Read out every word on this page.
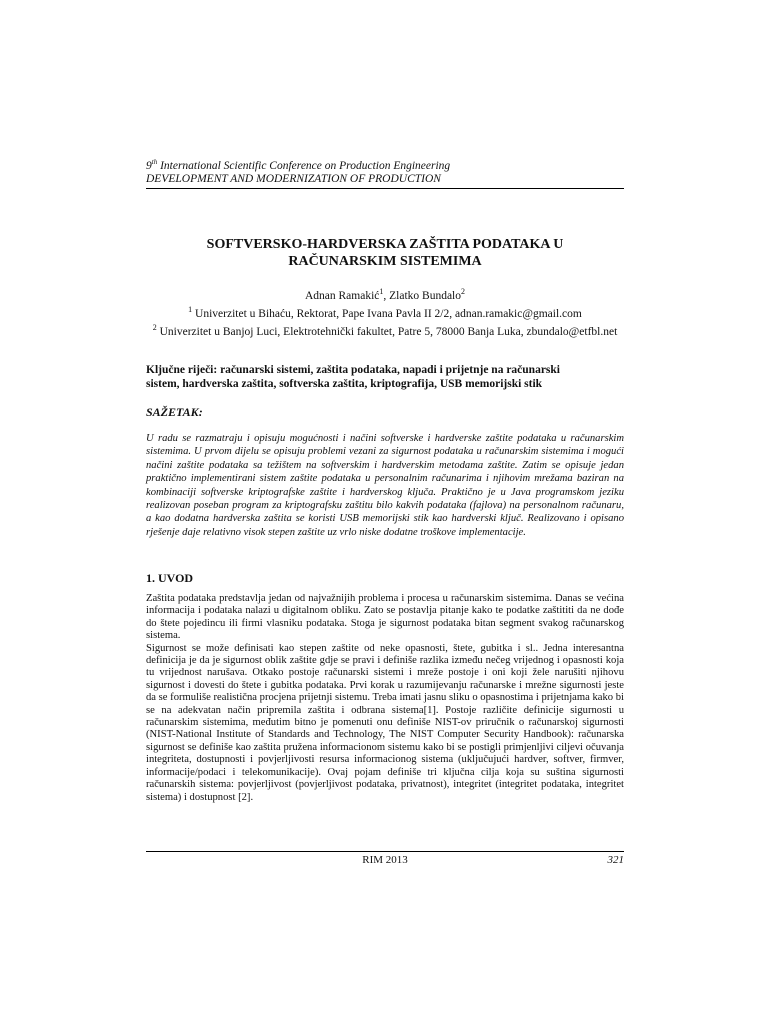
9th International Scientific Conference on Production Engineering
DEVELOPMENT AND MODERNIZATION OF PRODUCTION
SOFTVERSKO-HARDVERSKA ZAŠTITA PODATAKA U
RAČUNARSKIM SISTEMIMA
Adnan Ramakić$^1$, Zlatko Bundalo$^2$
$^1$ Univerzitet u Bihaću, Rektorat, Pape Ivana Pavla II 2/2, adnan.ramakic@gmail.com
$^2$ Univerzitet u Banjoj Luci, Elektrotehnički fakultet, Patre 5, 78000 Banja Luka, zbundalo@etfbl.net
Ključne riječi: računarski sistemi, zaštita podataka, napadi i prijetnje na računarski
sistem, hardverska zaštita, softverska zaštita, kriptografija, USB memorijski stik
SAŽETAK:
U radu se razmatraju i opisuju mogućnosti i načini softverske i hardverske zaštite podataka u računarskim sistemima. U prvom dijelu se opisuju problemi vezani za sigurnost podataka u računarskim sistemima i mogući načini zaštite podataka sa težištem na softverskim i hardverskim metodama zaštite. Zatim se opisuje jedan praktično implementirani sistem zaštite podataka u personalnim računarima i njihovim mrežama baziran na kombinaciji softverske kriptografske zaštite i hardverskog ključa. Praktično je u Java programskom jeziku realizovan poseban program za kriptografsku zaštitu bilo kakvih podataka (fajlova) na personalnom računaru, a kao dodatna hardverska zaštita se koristi USB memorijski stik kao hardverski ključ. Realizovano i opisano rješenje daje relativno visok stepen zaštite uz vrlo niske dodatne troškove implementacije.
1. UVOD

Zaštita podataka predstavlja jedan od najvažnijih problema i procesa u računarskim sistemima. Danas se većina informacija i podataka nalazi u digitalnom obliku. Zato se postavlja pitanje kako te podatke zaštititi da ne dođe do štete pojedincu ili firmi vlasniku podataka. Stoga je sigurnost podataka bitan segment svakog računarskog sistema.

Sigurnost se može definisati kao stepen zaštite od neke opasnosti, štete, gubitka i sl.. Jedna interesantna definicija je da je sigurnost oblik zaštite gdje se pravi i definiše razlika između nečeg vrijednog i opasnosti koja tu vrijednost narušava. Otkako postoje računarski sistemi i mreže postoje i oni koji žele narušiti njihovu sigurnost i dovesti do štete i gubitka podataka. Prvi korak u razumijevanju računarske i mrežne sigurnosti jeste da se formuliše realistična procjena prijetnji sistemu. Treba imati jasnu sliku o opasnostima i prijetnjama kako bi se na adekvatan način pripremila zaštita i odbrana sistema[1]. Postoje različite definicije sigurnosti u računarskim sistemima, međutim bitno je pomenuti onu definiše NIST-ov priručnik o računarskoj sigurnosti (NIST-National Institute of Standards and Technology, The NIST Computer Security Handbook): računarska sigurnost se definiše kao zaštita pružena informacionom sistemu kako bi se postigli primjenljivi ciljevi očuvanja integriteta, dostupnosti i povjerljivosti resursa informacionog sistema (uključujući hardver, softver, firmver, informacije/podaci i telekomunikacije). Ovaj pojam definiše tri ključna cilja koja su suština sigurnosti računarskih sistema: povjerljivost (povjerljivost podataka, privatnost), integritet (integritet podataka, integritet sistema) i dostupnost [2].

RIM 2013	321
